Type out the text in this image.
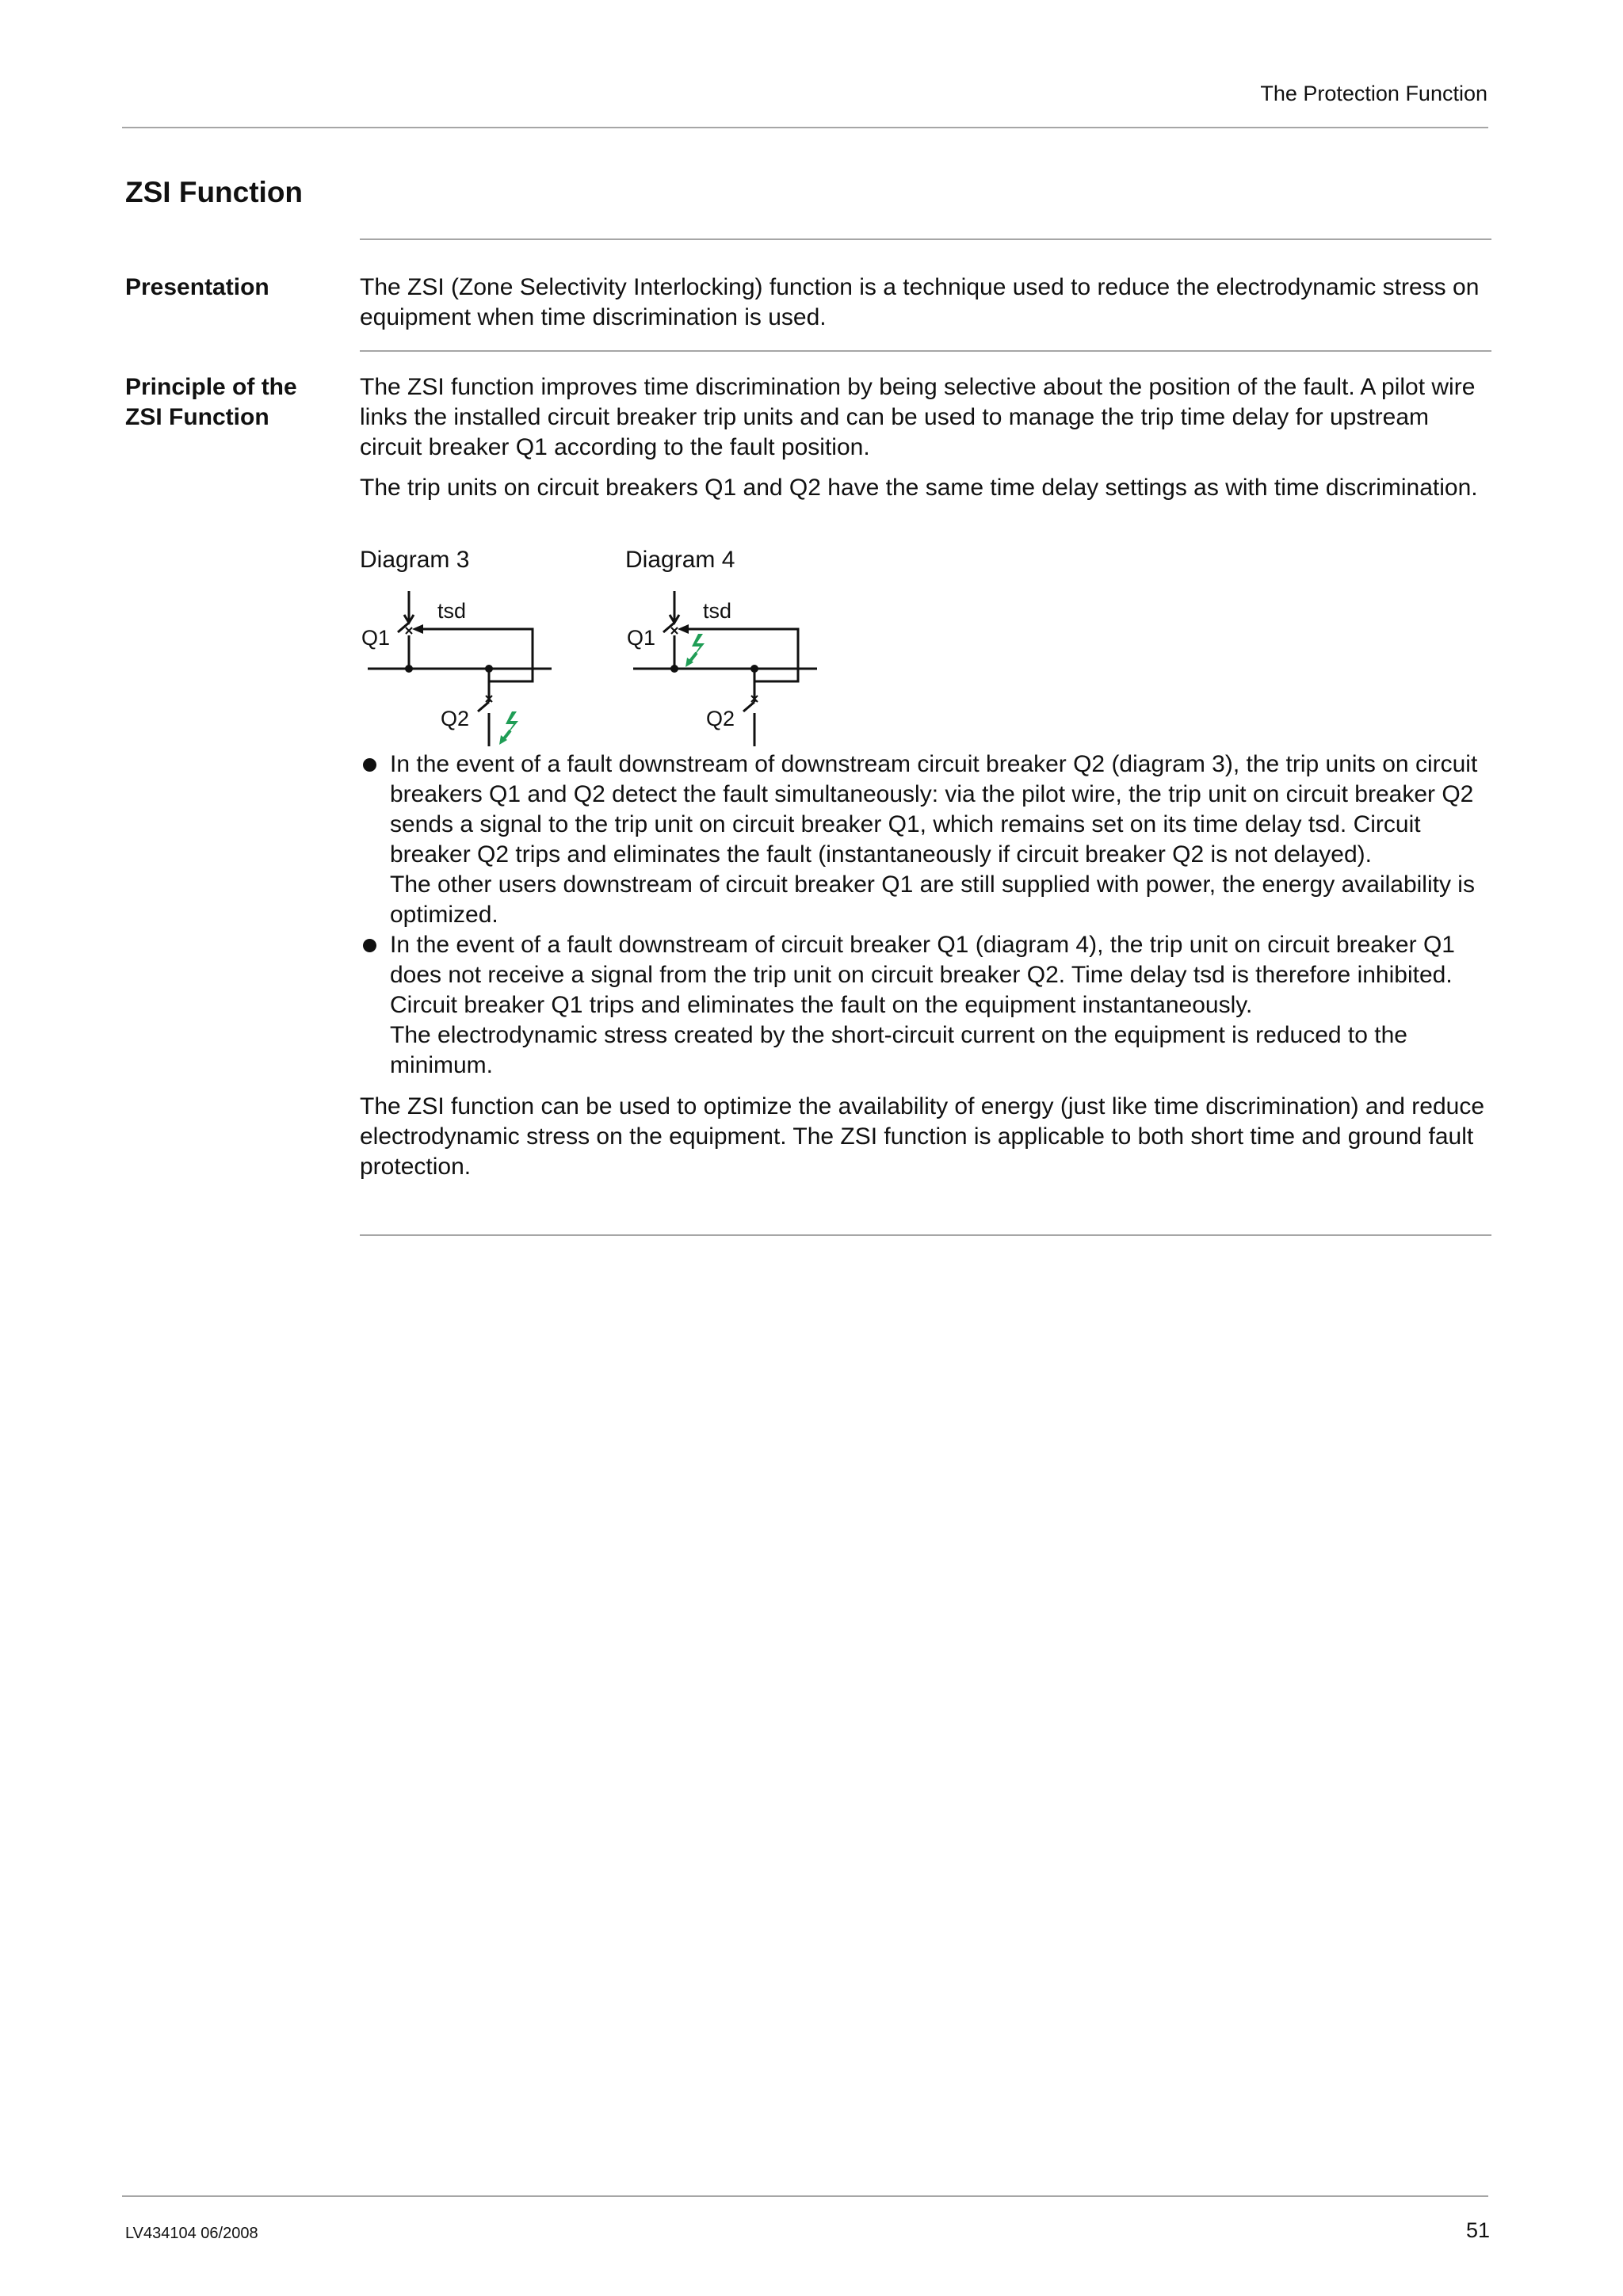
The Protection Function
ZSI Function
Presentation	The ZSI (Zone Selectivity Interlocking) function is a technique used to reduce the electrodynamic stress on equipment when time discrimination is used.

Principle of the
ZSI Function

The ZSI function improves time discrimination by being selective about the position of the fault. A pilot wire links the installed circuit breaker trip units and can be used to manage the trip time delay for upstream circuit breaker Q1 according to the fault position.

The trip units on circuit breakers Q1 and Q2 have the same time delay settings as with time discrimination.

Diagram 3	Diagram 4
tsd
Q1
Q2
tsd
Q1
Q2
In the event of a fault downstream of downstream circuit breaker Q2 (diagram 3), the trip units on circuit breakers Q1 and Q2 detect the fault simultaneously: via the pilot wire, the trip unit on circuit breaker Q2 sends a signal to the trip unit on circuit breaker Q1, which remains set on its time delay tsd. Circuit breaker Q2 trips and eliminates the fault (instantaneously if circuit breaker Q2 is not delayed).
The other users downstream of circuit breaker Q1 are still supplied with power, the energy availability is optimized.
In the event of a fault downstream of circuit breaker Q1 (diagram 4), the trip unit on circuit breaker Q1 does not receive a signal from the trip unit on circuit breaker Q2. Time delay tsd is therefore inhibited. Circuit breaker Q1 trips and eliminates the fault on the equipment instantaneously.
The electrodynamic stress created by the short-circuit current on the equipment is reduced to the minimum.

The ZSI function can be used to optimize the availability of energy (just like time discrimination) and reduce electrodynamic stress on the equipment. The ZSI function is applicable to both short time and ground fault protection.

LV434104 06/2008	51
